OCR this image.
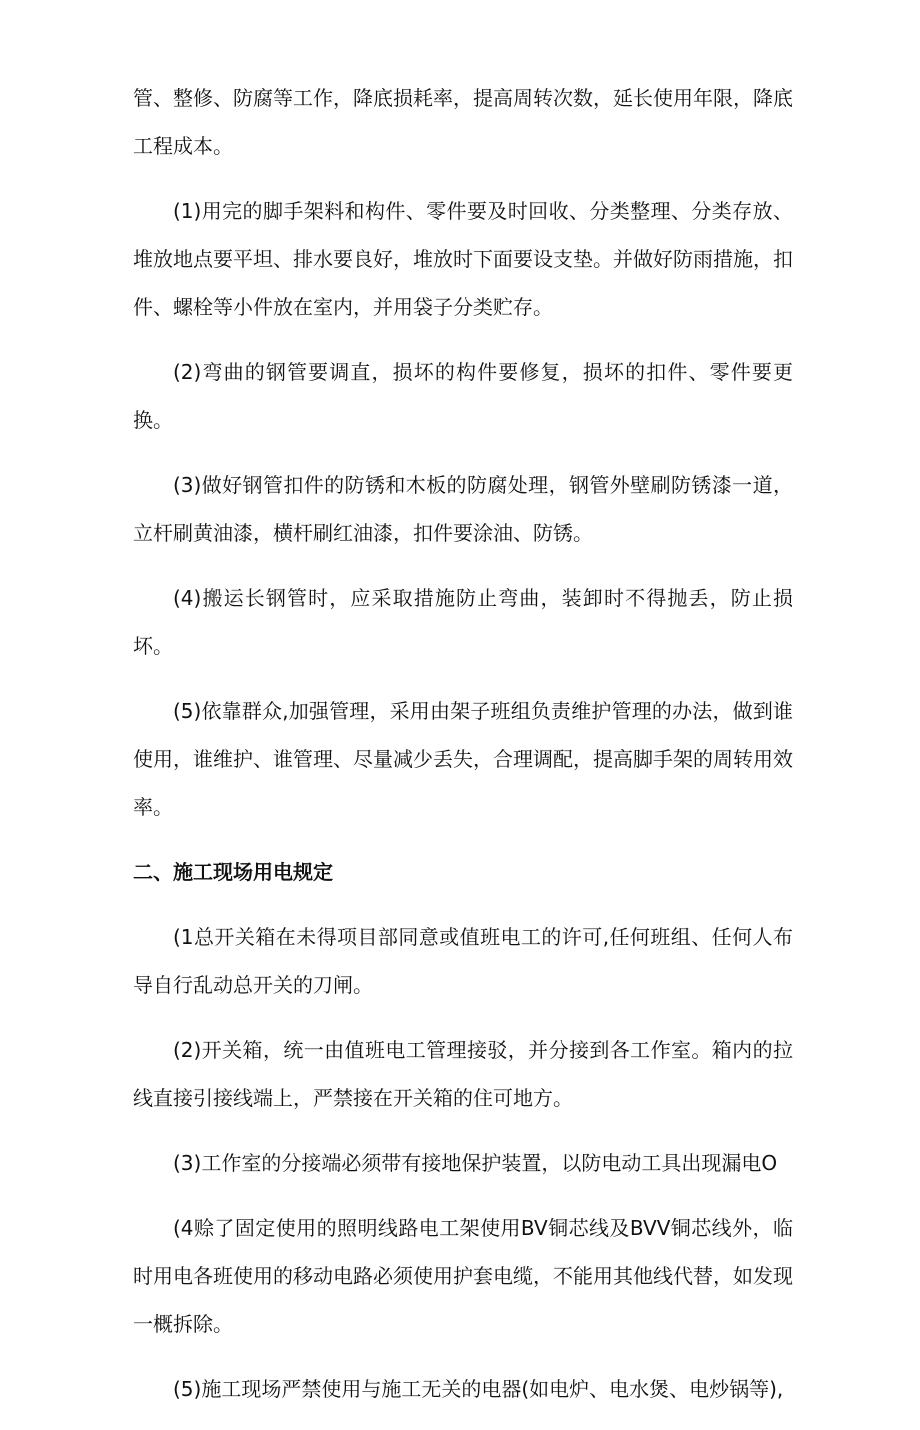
管、整修、防腐等工作，降底损耗率，提高周转次数，延长使用年限，降底工程成本。

(1)用完的脚手架料和构件、零件要及时回收、分类整理、分类存放、堆放地点要平坦、排水要良好，堆放时下面要设支垫。并做好防雨措施，扣件、螺栓等小件放在室内，并用袋子分类贮存。

(2)弯曲的钢管要调直，损坏的构件要修复，损坏的扣件、零件要更换。

(3)做好钢管扣件的防锈和木板的防腐处理，钢管外壁刷防锈漆一道，立杆刷黄油漆，横杆刷红油漆，扣件要涂油、防锈。

(4)搬运长钢管时，应采取措施防止弯曲，装卸时不得抛丢，防止损坏。

(5)依靠群众,加强管理，采用由架子班组负责维护管理的办法，做到谁使用，谁维护、谁管理、尽量减少丢失，合理调配，提高脚手架的周转用效率。

二、施工现场用电规定

(1总开关箱在未得项目部同意或值班电工的许可,任何班组、任何人布导自行乱动总开关的刀闸。

(2)开关箱，统一由值班电工管理接驳，并分接到各工作室。箱内的拉线直接引接线端上，严禁接在开关箱的住可地方。

(3)工作室的分接端必须带有接地保护装置，以防电动工具出现漏电O

(4赊了固定使用的照明线路电工架使用BV铜芯线及BVV铜芯线外，临时用电各班使用的移动电路必须使用护套电缆，不能用其他线代替，如发现一概拆除。

(5)施工现场严禁使用与施工无关的电器(如电炉、电水煲、电炒锅等),
